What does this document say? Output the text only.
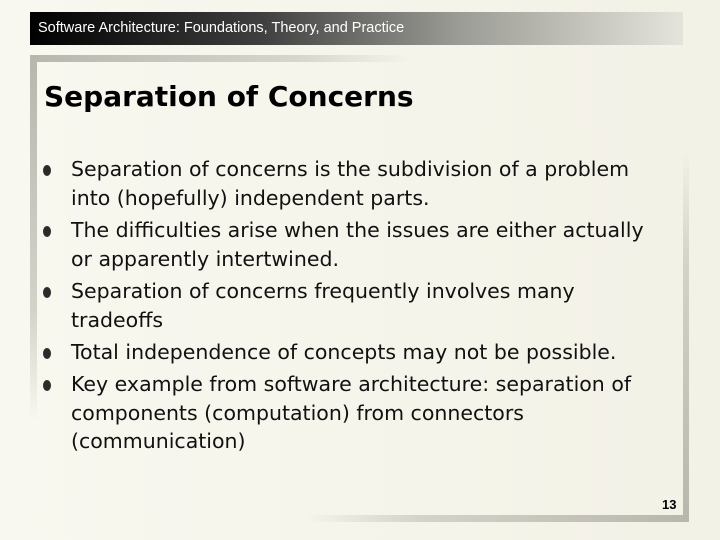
Software Architecture: Foundations, Theory, and Practice
Separation of Concerns
Separation of concerns is the subdivision of a problem into (hopefully) independent parts.
The difficulties arise when the issues are either actually or apparently intertwined.
Separation of concerns frequently involves many tradeoffs
Total independence of concepts may not be possible.
Key example from software architecture: separation of components (computation) from connectors (communication)
13
